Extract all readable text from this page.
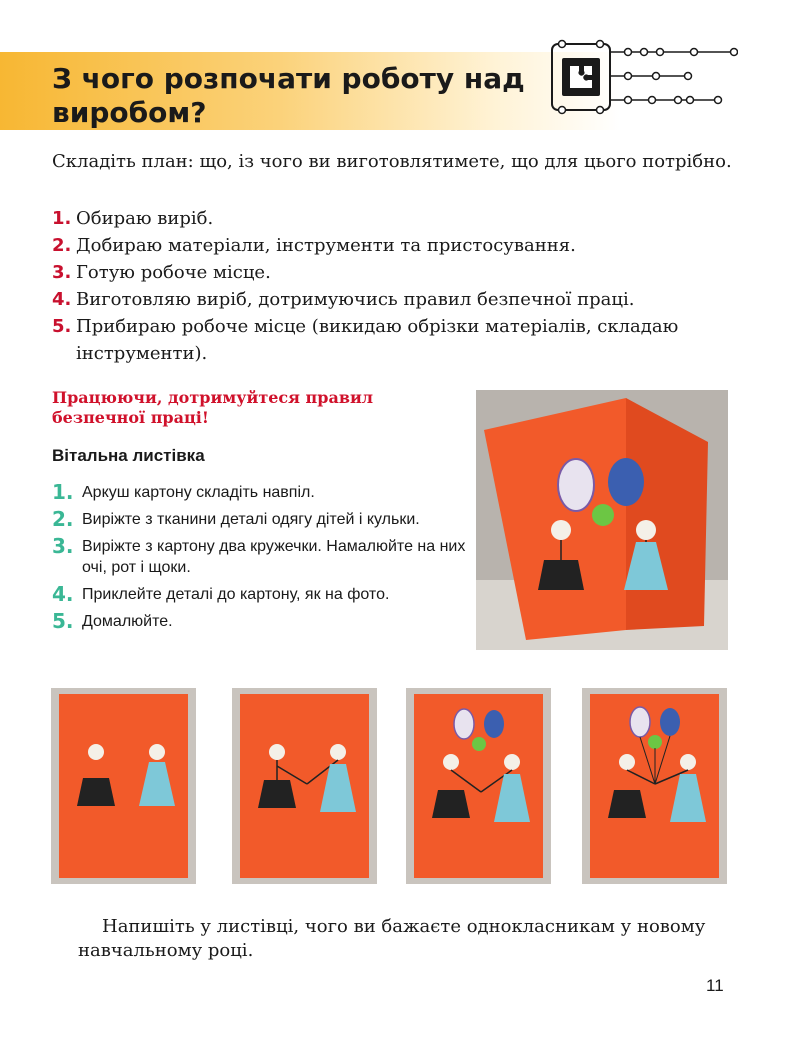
З чого розпочати роботу над виробом?

Складіть план: що, із чого ви виготовлятимете, що для цього потрібно.

1. Обираю виріб.
2. Добираю матеріали, інструменти та пристосування.
3. Готую робоче місце.
4. Виготовляю виріб, дотримуючись правил безпечної праці.
5. Прибираю робоче місце (викидаю обрізки матеріалів, складаю інструменти).

Працюючи, дотримуйтеся правил безпечної праці!

Вітальна листівка
1. Аркуш картону складіть навпіл.
2. Виріжте з тканини деталі одягу дітей і кульки.
3. Виріжте з картону два кружечки. Намалюйте на них очі, рот і щоки.
4. Приклейте деталі до картону, як на фото.
5. Домалюйте.

Напишіть у листівці, чого ви бажаєте однокласникам у новому навчальному році.

11
